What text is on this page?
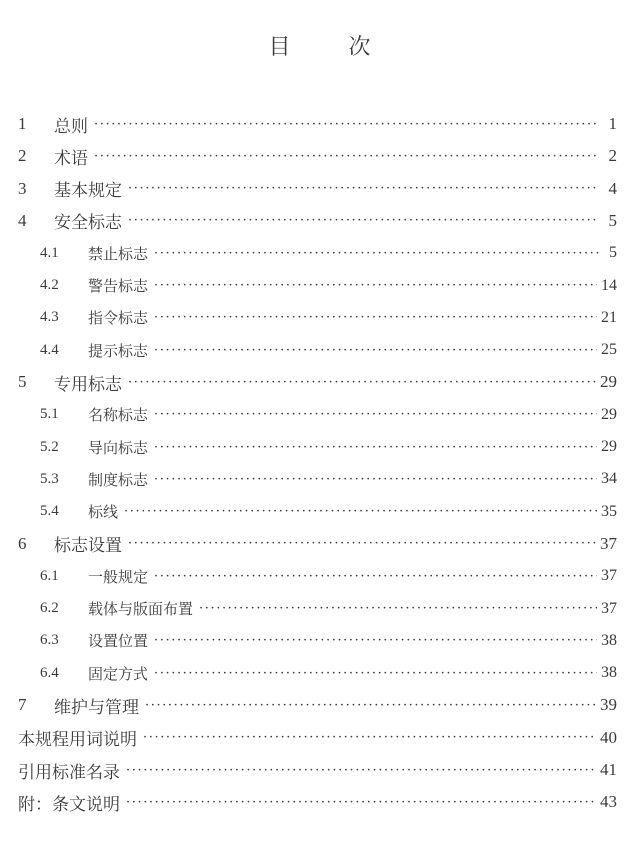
目	次
1	总则 ·····	1
2	术语 ·····	2
3	基本规定 ·····	4
4	安全标志 ·····	5
4.1	禁止标志 ·····	5
4.2	警告标志 ·····	14
4.3	指令标志 ·····	21
4.4	提示标志 ·····	25
5	专用标志 ·····	29
5.1	名称标志 ·····	29
5.2	导向标志 ·····	29
5.3	制度标志 ·····	34
5.4	标线 ·····	35
6	标志设置 ·····	37
6.1	一般规定 ·····	37
6.2	载体与版面布置 ·····	37
6.3	设置位置 ·····	38
6.4	固定方式 ·····	38
7	维护与管理 ·····	39
本规程用词说明 ·····	40
引用标准名录 ·····	41
附：条文说明 ·····	43
